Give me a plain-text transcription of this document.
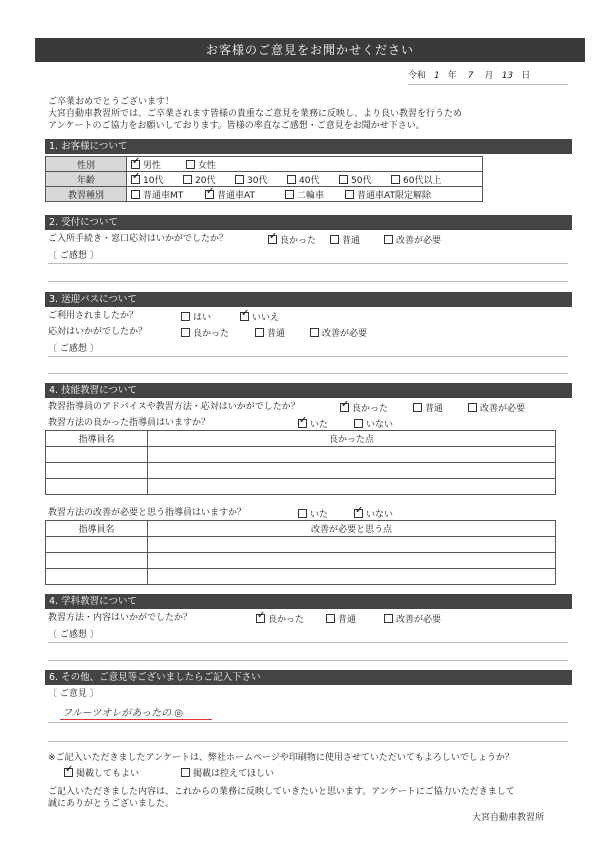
お客様のご意見をお聞かせください
令和 1 年 7 月 13 日
ご卒業おめでとうございます！
大宮自動車教習所では、ご卒業されます皆様の貴重なご意見を業務に反映し、より良い教習を行うため
アンケートのご協力をお願いしております。皆様の率直なご感想・ご意見をお聞かせ下さい。
1. お客様について
性別	✓男性 女性
年齢	✓10代 20代 30代 40代 50代 60代以上
教習種別	普通車MT ✓ 普通車AT 二輪車 普通車AT限定解除
2. 受付について
ご入所手続き・窓口応対はいかがでしたか？ ✓	良かった	普通	改善が必要
〔 ご感想 〕
3. 送迎バスについて
ご利用されましたか？	はい ✓	いいえ
応対はいかがでしたか？	良かった	普通	改善が必要
〔 ご感想 〕
4. 技能教習について
教習指導員のアドバイスや教習方法・応対はいかがでしたか？ ✓	良かった	普通	改善が必要
教習方法の良かった指導員はいますか？ ✓	いた	いない
指導員名	良かった点

教習方法の改善が必要と思う指導員はいますか？	いた ✓	いない
指導員名	改善が必要と思う点

4. 学科教習について
教習方法・内容はいかがでしたか？ ✓	良かった	普通	改善が必要
〔 ご感想 〕
6. その他、ご意見等ございましたらご記入下さい
〔 ご意見 〕
フルーツオレがあったの ◎
※ご記入いただきましたアンケートは、弊社ホームページや印刷物に使用させていただいてもよろしいでしょうか？
✓掲載してもよい	掲載は控えてほしい
ご記入いただきました内容は、これからの業務に反映していきたいと思います。アンケートにご協力いただきまして
誠にありがとうございました。
大宮自動車教習所
